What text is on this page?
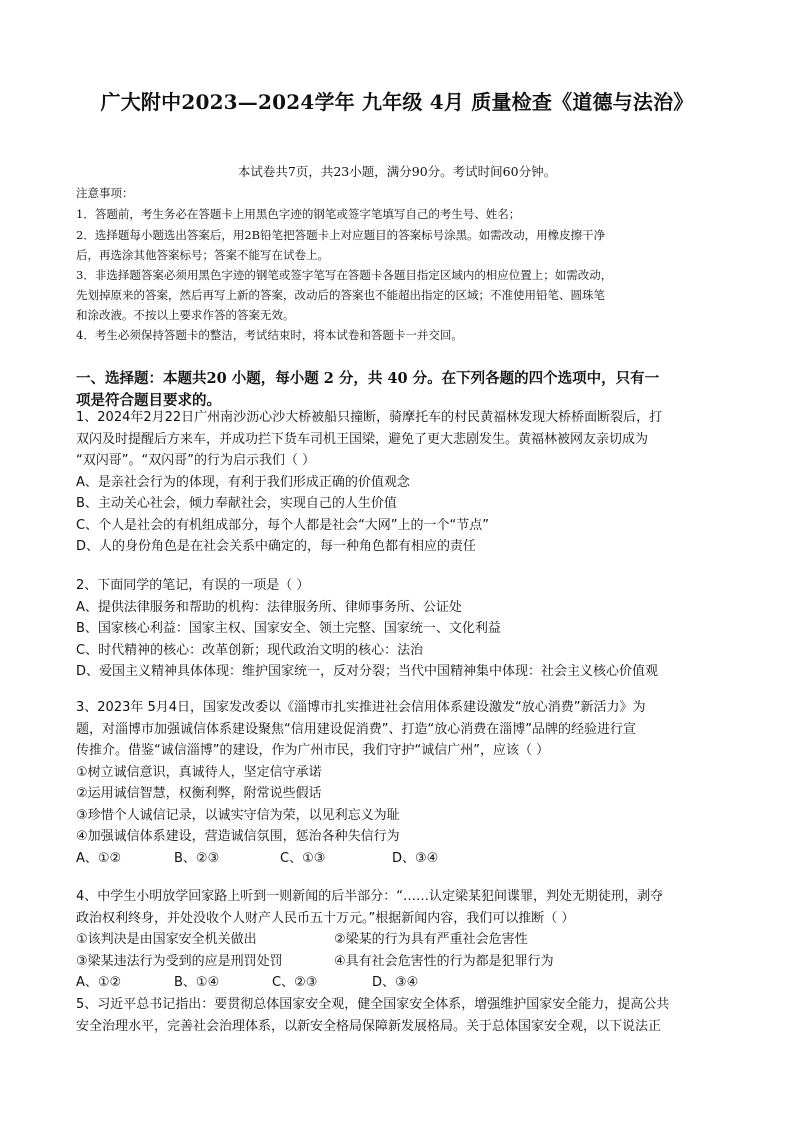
广大附中2023—2024学年 九年级 4月 质量检查《道德与法治》
本试卷共7页，共23小题，满分90分。考试时间60分钟。
注意事项：
1．答题前，考生务必在答题卡上用黑色字迹的钢笔或签字笔填写自己的考生号、姓名；
2．选择题每小题选出答案后，用2B铅笔把答题卡上对应题目的答案标号涂黑。如需改动，用橡皮擦干净
后，再选涂其他答案标号；答案不能写在试卷上。
3．非选择题答案必须用黑色字迹的钢笔或签字笔写在答题卡各题目指定区域内的相应位置上；如需改动，
先划掉原来的答案，然后再写上新的答案，改动后的答案也不能超出指定的区域；不准使用铅笔、圆珠笔
和涂改液。不按以上要求作答的答案无效。
4．考生必须保持答题卡的整洁，考试结束时，将本试卷和答题卡一并交回。
一、选择题：本题共20 小题，每小题 2 分，共 40 分。在下列各题的四个选项中，只有一
项是符合题目要求的。
1、2024年2月22日广州南沙沥心沙大桥被船只撞断，骑摩托车的村民黄福林发现大桥桥面断裂后，打
双闪及时提醒后方来车，并成功拦下货车司机王国梁，避免了更大悲剧发生。黄福林被网友亲切成为
“双闪哥”。“双闪哥”的行为启示我们（ ）
A、是亲社会行为的体现，有利于我们形成正确的价值观念
B、主动关心社会，倾力奉献社会，实现自己的人生价值
C、个人是社会的有机组成部分，每个人都是社会“大网”上的一个“节点”
D、人的身份角色是在社会关系中确定的，每一种角色都有相应的责任
2、下面同学的笔记，有误的一项是（ ）
A、提供法律服务和帮助的机构：法律服务所、律师事务所、公证处
B、国家核心利益：国家主权、国家安全、领土完整、国家统一、文化利益
C、时代精神的核心：改革创新；现代政治文明的核心：法治
D、爱国主义精神具体体现：维护国家统一，反对分裂；当代中国精神集中体现：社会主义核心价值观
3、2023年 5月4日，国家发改委以《淄博市扎实推进社会信用体系建设激发“放心消费”新活力》为
题，对淄博市加强诚信体系建设聚焦“信用建设促消费”、打造“放心消费在淄博”品牌的经验进行宣
传推介。借鉴“诚信淄博”的建设，作为广州市民，我们守护“诚信广州”，应该（ ）
①树立诚信意识，真诚待人，坚定信守承诺
②运用诚信智慧，权衡利弊，附常说些假话
③珍惜个人诚信记录，以诚实守信为荣，以见利忘义为耻
④加强诚信体系建设，营造诚信氛围，惩治各种失信行为
A、①②	B、②③	C、①③	D、③④
4、中学生小明放学回家路上听到一则新闻的后半部分：“……认定梁某犯间谍罪，判处无期徒刑，剥夺
政治权利终身，并处没收个人财产人民币五十万元。”根据新闻内容，我们可以推断（ ）
①该判决是由国家安全机关做出	②梁某的行为具有严重社会危害性
③梁某违法行为受到的应是刑罚处罚	④具有社会危害性的行为都是犯罪行为
A、①②	B、①④	C、②③	D、③④
5、习近平总书记指出：要贯彻总体国家安全观，健全国家安全体系，增强维护国家安全能力，提高公共
安全治理水平，完善社会治理体系，以新安全格局保障新发展格局。关于总体国家安全观，以下说法正
